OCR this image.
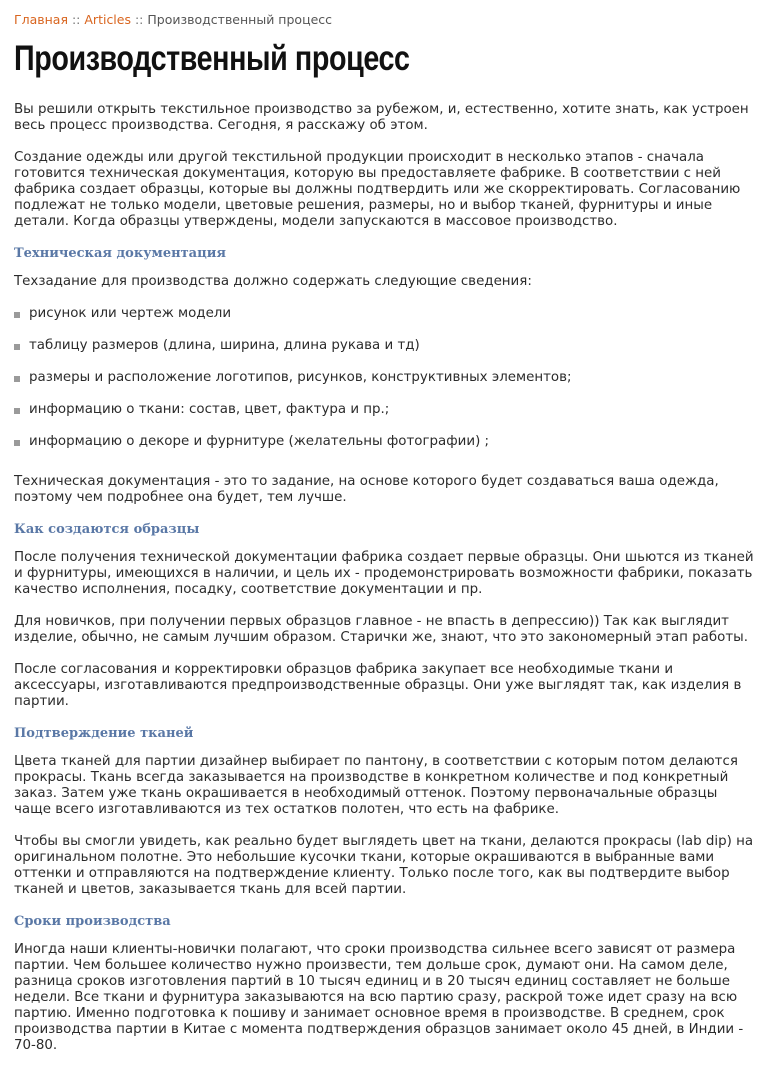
Главная :: Articles :: Производственный процесс
Производственный процесс

Вы решили открыть текстильное производство за рубежом, и, естественно, хотите знать, как устроен весь процесс производства. Сегодня, я расскажу об этом.

Создание одежды или другой текстильной продукции происходит в несколько этапов - сначала готовится техническая документация, которую вы предоставляете фабрике. В соответствии с ней фабрика создает образцы, которые вы должны подтвердить или же скорректировать. Согласованию подлежат не только модели, цветовые решения, размеры, но и выбор тканей, фурнитуры и иные детали. Когда образцы утверждены, модели запускаются в массовое производство.

Техническая документация

Техзадание для производства должно содержать следующие сведения:

рисунок или чертеж модели
таблицу размеров (длина, ширина, длина рукава и тд)
размеры и расположение логотипов, рисунков, конструктивных элементов;
информацию о ткани: состав, цвет, фактура и пр.;
информацию о декоре и фурнитуре (желательны фотографии) ;

Техническая документация - это то задание, на основе которого будет создаваться ваша одежда, поэтому чем подробнее она будет, тем лучше.

Как создаются образцы

После получения технической документации фабрика создает первые образцы. Они шьются из тканей и фурнитуры, имеющихся в наличии, и цель их - продемонстрировать возможности фабрики, показать качество исполнения, посадку, соответствие документации и пр.

Для новичков, при получении первых образцов главное - не впасть в депрессию)) Так как выглядит изделие, обычно, не самым лучшим образом. Старички же, знают, что это закономерный этап работы.

После согласования и корректировки образцов фабрика закупает все необходимые ткани и аксессуары, изготавливаются предпроизводственные образцы. Они уже выглядят так, как изделия в партии.

Подтверждение тканей

Цвета тканей для партии дизайнер выбирает по пантону, в соответствии с которым потом делаются прокрасы. Ткань всегда заказывается на производстве в конкретном количестве и под конкретный заказ. Затем уже ткань окрашивается в необходимый оттенок. Поэтому первоначальные образцы чаще всего изготавливаются из тех остатков полотен, что есть на фабрике.

Чтобы вы смогли увидеть, как реально будет выглядеть цвет на ткани, делаются прокрасы (lab dip) на оригинальном полотне. Это небольшие кусочки ткани, которые окрашиваются в выбранные вами оттенки и отправляются на подтверждение клиенту. Только после того, как вы подтвердите выбор тканей и цветов, заказывается ткань для всей партии.

Сроки производства

Иногда наши клиенты-новички полагают, что сроки производства сильнее всего зависят от размера партии. Чем большее количество нужно произвести, тем дольше срок, думают они. На самом деле, разница сроков изготовления партий в 10 тысяч единиц и в 20 тысяч единиц составляет не больше недели. Все ткани и фурнитура заказываются на всю партию сразу, раскрой тоже идет сразу на всю партию. Именно подготовка к пошиву и занимает основное время в производстве. В среднем, срок производства партии в Китае с момента подтверждения образцов занимает около 45 дней, в Индии - 70-80.
